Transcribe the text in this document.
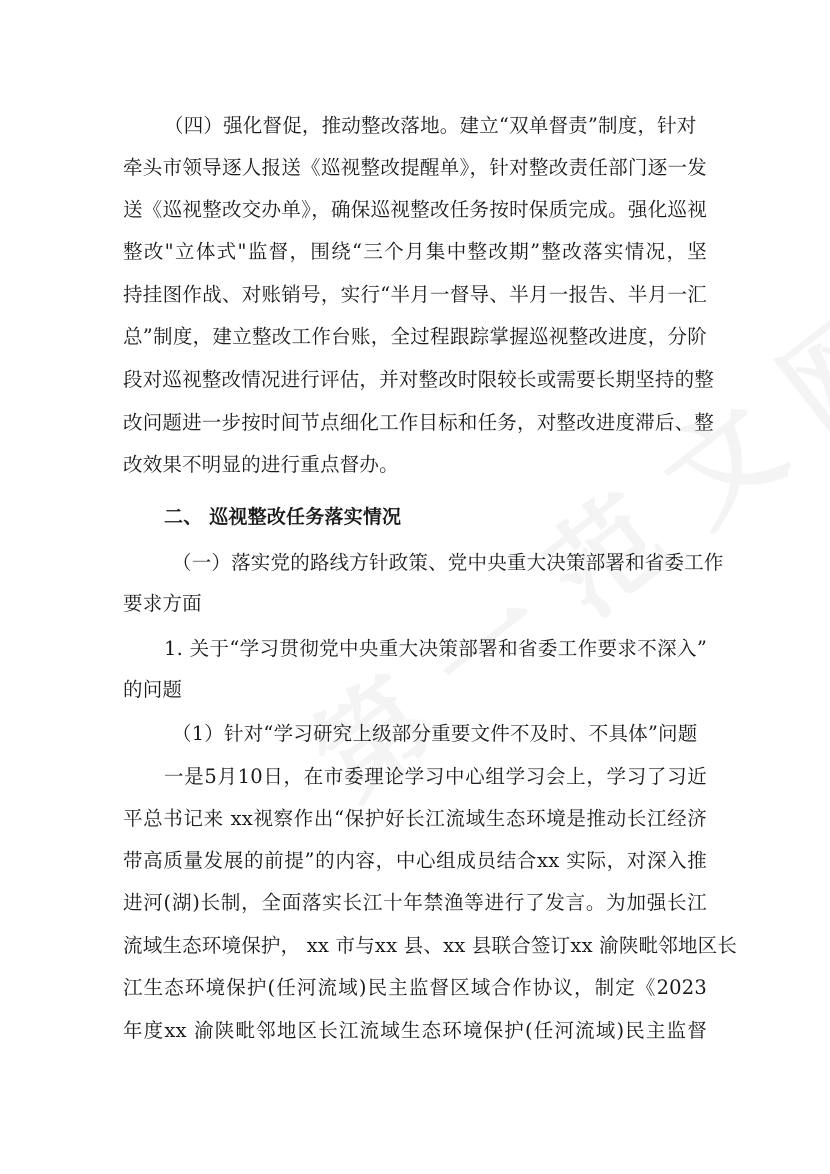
（四）强化督促，推动整改落地。建立“双单督责”制度，针对
牵头市领导逐人报送《巡视整改提醒单》，针对整改责任部门逐一发
送《巡视整改交办单》，确保巡视整改任务按时保质完成。强化巡视
整改"立体式"监督，围绕“三个月集中整改期”整改落实情况，坚
持挂图作战、对账销号，实行“半月一督导、半月一报告、半月一汇
总”制度，建立整改工作台账，全过程跟踪掌握巡视整改进度，分阶
段对巡视整改情况进行评估，并对整改时限较长或需要长期坚持的整
改问题进一步按时间节点细化工作目标和任务，对整改进度滞后、整
改效果不明显的进行重点督办。
二、 巡视整改任务落实情况
（一）落实党的路线方针政策、党中央重大决策部署和省委工作
要求方面
1. 关于“学习贯彻党中央重大决策部署和省委工作要求不深入”
的问题
（1）针对“学习研究上级部分重要文件不及时、不具体”问题
一是5月10日，在市委理论学习中心组学习会上，学习了习近
平总书记来 xx视察作出“保护好长江流域生态环境是推动长江经济
带高质量发展的前提”的内容，中心组成员结合xx 实际，对深入推
进河(湖)长制，全面落实长江十年禁渔等进行了发言。为加强长江
流域生态环境保护， xx 市与xx 县、xx 县联合签订xx 渝陕毗邻地区长
江生态环境保护(任河流域)民主监督区域合作协议，制定《2023
年度xx 渝陕毗邻地区长江流域生态环境保护(任河流域)民主监督
